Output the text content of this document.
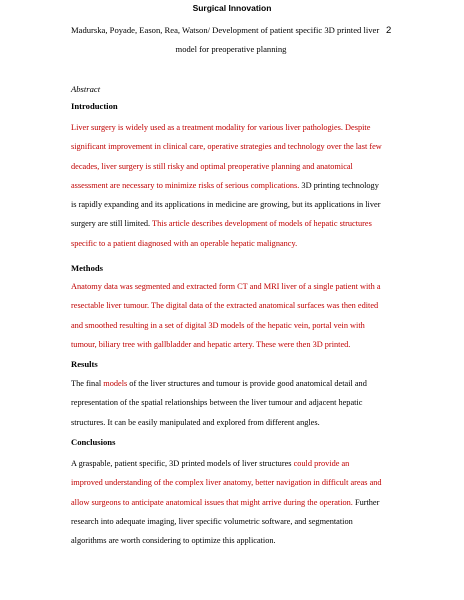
Surgical Innovation
Madurska, Poyade, Eason, Rea, Watson/ Development of patient specific 3D printed liver 2
model for preoperative planning
Abstract
Introduction
Liver surgery is widely used as a treatment modality for various liver pathologies. Despite
significant improvement in clinical care, operative strategies and technology over the last few
decades, liver surgery is still risky and optimal preoperative planning and anatomical
assessment are necessary to minimize risks of serious complications. 3D printing technology
is rapidly expanding and its applications in medicine are growing, but its applications in liver
surgery are still limited. This article describes development of models of hepatic structures
specific to a patient diagnosed with an operable hepatic malignancy.
Methods
Anatomy data was segmented and extracted form CT and MRI liver of a single patient with a
resectable liver tumour. The digital data of the extracted anatomical surfaces was then edited
and smoothed resulting in a set of digital 3D models of the hepatic vein, portal vein with
tumour, biliary tree with gallbladder and hepatic artery. These were then 3D printed.
Results
The final models of the liver structures and tumour is provide good anatomical detail and
representation of the spatial relationships between the liver tumour and adjacent hepatic
structures. It can be easily manipulated and explored from different angles.
Conclusions
A graspable, patient specific, 3D printed models of liver structures could provide an
improved understanding of the complex liver anatomy, better navigation in difficult areas and
allow surgeons to anticipate anatomical issues that might arrive during the operation. Further
research into adequate imaging, liver specific volumetric software, and segmentation
algorithms are worth considering to optimize this application.
